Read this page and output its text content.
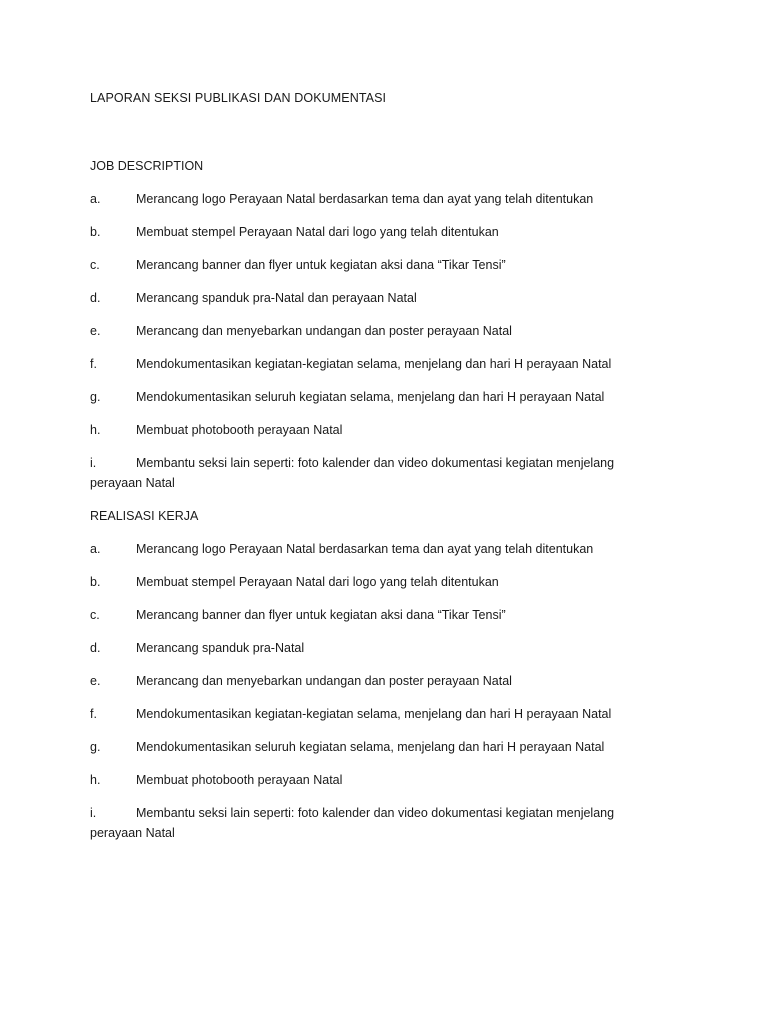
LAPORAN SEKSI PUBLIKASI DAN DOKUMENTASI
JOB DESCRIPTION
a.	Merancang logo Perayaan Natal berdasarkan tema dan ayat yang telah ditentukan
b.	Membuat stempel Perayaan Natal dari logo yang telah ditentukan
c.	Merancang banner dan flyer untuk kegiatan aksi dana “Tikar Tensi”
d.	Merancang spanduk pra-Natal dan perayaan Natal
e.	Merancang dan menyebarkan undangan dan poster perayaan Natal
f.	Mendokumentasikan kegiatan-kegiatan selama, menjelang dan hari H perayaan Natal
g.	Mendokumentasikan seluruh kegiatan selama, menjelang dan hari H perayaan Natal
h.	Membuat photobooth perayaan Natal
i.	Membantu seksi lain seperti: foto kalender dan video dokumentasi kegiatan menjelang perayaan Natal
REALISASI KERJA
a.	Merancang logo Perayaan Natal berdasarkan tema dan ayat yang telah ditentukan
b.	Membuat stempel Perayaan Natal dari logo yang telah ditentukan
c.	Merancang banner dan flyer untuk kegiatan aksi dana “Tikar Tensi”
d.	Merancang spanduk pra-Natal
e.	Merancang dan menyebarkan undangan dan poster perayaan Natal
f.	Mendokumentasikan kegiatan-kegiatan selama, menjelang dan hari H perayaan Natal
g.	Mendokumentasikan seluruh kegiatan selama, menjelang dan hari H perayaan Natal
h.	Membuat photobooth perayaan Natal
i.	Membantu seksi lain seperti: foto kalender dan video dokumentasi kegiatan menjelang perayaan Natal
